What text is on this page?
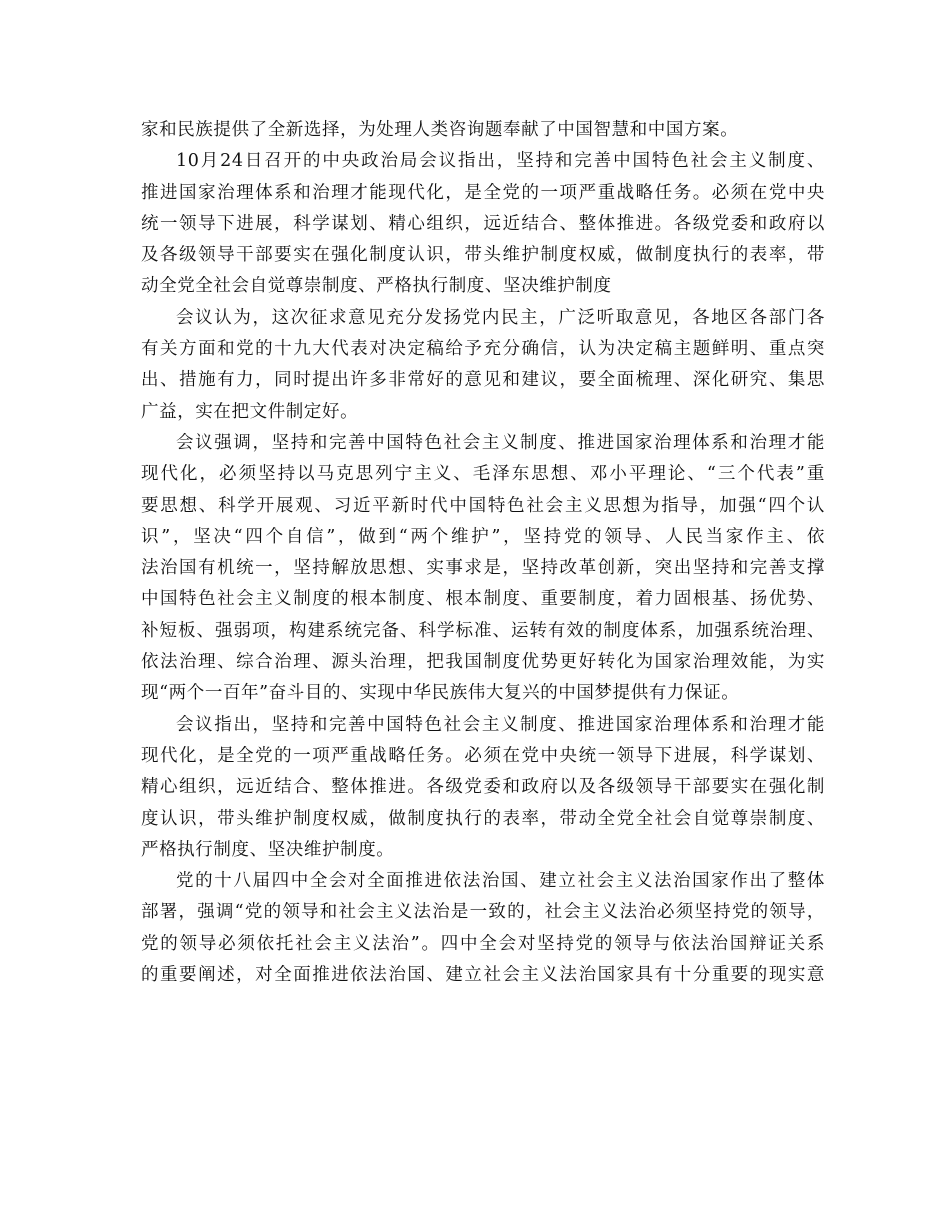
家和民族提供了全新选择，为处理人类咨询题奉献了中国智慧和中国方案。
10月24日召开的中央政治局会议指出，坚持和完善中国特色社会主义制度、
推进国家治理体系和治理才能现代化，是全党的一项严重战略任务。必须在党中央
统一领导下进展，科学谋划、精心组织，远近结合、整体推进。各级党委和政府以
及各级领导干部要实在强化制度认识，带头维护制度权威，做制度执行的表率，带
动全党全社会自觉尊崇制度、严格执行制度、坚决维护制度
会议认为，这次征求意见充分发扬党内民主，广泛听取意见，各地区各部门各
有关方面和党的十九大代表对决定稿给予充分确信，认为决定稿主题鲜明、重点突
出、措施有力，同时提出许多非常好的意见和建议，要全面梳理、深化研究、集思
广益，实在把文件制定好。
会议强调，坚持和完善中国特色社会主义制度、推进国家治理体系和治理才能
现代化，必须坚持以马克思列宁主义、毛泽东思想、邓小平理论、“三个代表”重
要思想、科学开展观、习近平新时代中国特色社会主义思想为指导，加强“四个认
识”，坚决“四个自信”，做到“两个维护”，坚持党的领导、人民当家作主、依
法治国有机统一，坚持解放思想、实事求是，坚持改革创新，突出坚持和完善支撑
中国特色社会主义制度的根本制度、根本制度、重要制度，着力固根基、扬优势、
补短板、强弱项，构建系统完备、科学标准、运转有效的制度体系，加强系统治理、
依法治理、综合治理、源头治理，把我国制度优势更好转化为国家治理效能，为实
现“两个一百年”奋斗目的、实现中华民族伟大复兴的中国梦提供有力保证。
会议指出，坚持和完善中国特色社会主义制度、推进国家治理体系和治理才能
现代化，是全党的一项严重战略任务。必须在党中央统一领导下进展，科学谋划、
精心组织，远近结合、整体推进。各级党委和政府以及各级领导干部要实在强化制
度认识，带头维护制度权威，做制度执行的表率，带动全党全社会自觉尊崇制度、
严格执行制度、坚决维护制度。
党的十八届四中全会对全面推进依法治国、建立社会主义法治国家作出了整体
部署，强调“党的领导和社会主义法治是一致的，社会主义法治必须坚持党的领导，
党的领导必须依托社会主义法治”。四中全会对坚持党的领导与依法治国辩证关系
的重要阐述，对全面推进依法治国、建立社会主义法治国家具有十分重要的现实意
